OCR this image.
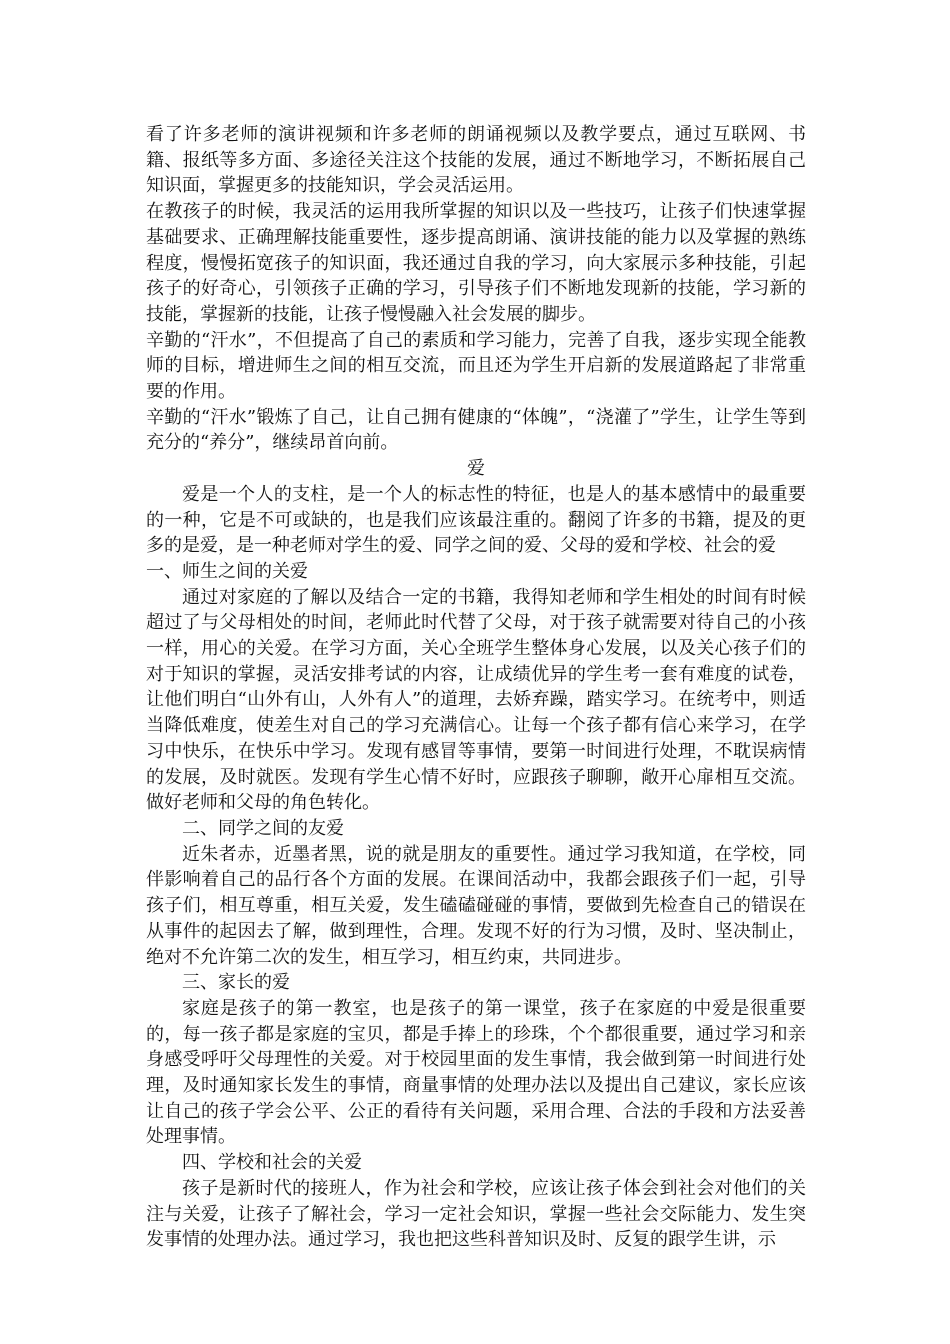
看了许多老师的演讲视频和许多老师的朗诵视频以及教学要点，通过互联网、书籍、报纸等多方面、多途径关注这个技能的发展，通过不断地学习，不断拓展自己知识面，掌握更多的技能知识，学会灵活运用。

在教孩子的时候，我灵活的运用我所掌握的知识以及一些技巧，让孩子们快速掌握基础要求、正确理解技能重要性，逐步提高朗诵、演讲技能的能力以及掌握的熟练程度，慢慢拓宽孩子的知识面，我还通过自我的学习，向大家展示多种技能，引起孩子的好奇心，引领孩子正确的学习，引导孩子们不断地发现新的技能，学习新的技能，掌握新的技能，让孩子慢慢融入社会发展的脚步。

辛勤的“汗水”，不但提高了自己的素质和学习能力，完善了自我，逐步实现全能教师的目标，增进师生之间的相互交流，而且还为学生开启新的发展道路起了非常重要的作用。

辛勤的“汗水”锻炼了自己，让自己拥有健康的“体魄”，“浇灌了”学生，让学生等到充分的“养分”，继续昂首向前。

爱

爱是一个人的支柱，是一个人的标志性的特征，也是人的基本感情中的最重要的一种，它是不可或缺的，也是我们应该最注重的。翻阅了许多的书籍，提及的更多的是爱，是一种老师对学生的爱、同学之间的爱、父母的爱和学校、社会的爱

一、师生之间的关爱

通过对家庭的了解以及结合一定的书籍，我得知老师和学生相处的时间有时候超过了与父母相处的时间，老师此时代替了父母，对于孩子就需要对待自己的小孩一样，用心的关爱。在学习方面，关心全班学生整体身心发展，以及关心孩子们的对于知识的掌握，灵活安排考试的内容，让成绩优异的学生考一套有难度的试卷，让他们明白“山外有山，人外有人”的道理，去娇弃躁，踏实学习。在统考中，则适当降低难度，使差生对自己的学习充满信心。让每一个孩子都有信心来学习，在学习中快乐，在快乐中学习。发现有感冒等事情，要第一时间进行处理，不耽误病情的发展，及时就医。发现有学生心情不好时，应跟孩子聊聊，敞开心扉相互交流。做好老师和父母的角色转化。

二、同学之间的友爱

近朱者赤，近墨者黑，说的就是朋友的重要性。通过学习我知道，在学校，同伴影响着自己的品行各个方面的发展。在课间活动中，我都会跟孩子们一起，引导孩子们，相互尊重，相互关爱，发生磕磕碰碰的事情，要做到先检查自己的错误在从事件的起因去了解，做到理性，合理。发现不好的行为习惯，及时、坚决制止，绝对不允许第二次的发生，相互学习，相互约束，共同进步。

三、家长的爱

家庭是孩子的第一教室，也是孩子的第一课堂，孩子在家庭的中爱是很重要的，每一孩子都是家庭的宝贝，都是手捧上的珍珠，个个都很重要，通过学习和亲身感受呼吁父母理性的关爱。对于校园里面的发生事情，我会做到第一时间进行处理，及时通知家长发生的事情，商量事情的处理办法以及提出自己建议，家长应该让自己的孩子学会公平、公正的看待有关问题，采用合理、合法的手段和方法妥善处理事情。

四、学校和社会的关爱

孩子是新时代的接班人，作为社会和学校，应该让孩子体会到社会对他们的关注与关爱，让孩子了解社会，学习一定社会知识，掌握一些社会交际能力、发生突发事情的处理办法。通过学习，我也把这些科普知识及时、反复的跟学生讲，示
